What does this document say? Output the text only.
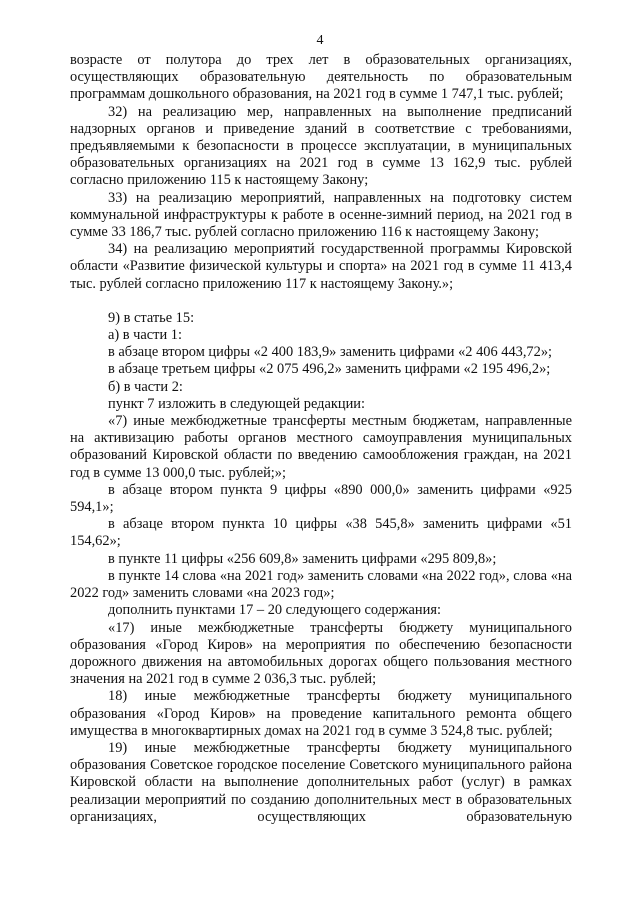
4

возрасте от полутора до трех лет в образовательных организациях, осуществляющих образовательную деятельность по образовательным программам дошкольного образования, на 2021 год в сумме 1 747,1 тыс. рублей;

32) на реализацию мер, направленных на выполнение предписаний надзорных органов и приведение зданий в соответствие с требованиями, предъявляемыми к безопасности в процессе эксплуатации, в муниципальных образовательных организациях на 2021 год в сумме 13 162,9 тыс. рублей согласно приложению 115 к настоящему Закону;

33) на реализацию мероприятий, направленных на подготовку систем коммунальной инфраструктуры к работе в осенне-зимний период, на 2021 год в сумме 33 186,7 тыс. рублей согласно приложению 116 к настоящему Закону;

34) на реализацию мероприятий государственной программы Кировской области «Развитие физической культуры и спорта» на 2021 год в сумме 11 413,4 тыс. рублей согласно приложению 117 к настоящему Закону.»;

9) в статье 15:

а) в части 1:

в абзаце втором цифры «2 400 183,9» заменить цифрами «2 406 443,72»;

в абзаце третьем цифры «2 075 496,2» заменить цифрами «2 195 496,2»;

б) в части 2:

пункт 7 изложить в следующей редакции:

«7) иные межбюджетные трансферты местным бюджетам, направленные на активизацию работы органов местного самоуправления муниципальных образований Кировской области по введению самообложения граждан, на 2021 год в сумме 13 000,0 тыс. рублей;»;

в абзаце втором пункта 9 цифры «890 000,0» заменить цифрами «925 594,1»;

в абзаце втором пункта 10 цифры «38 545,8» заменить цифрами «51 154,62»;

в пункте 11 цифры «256 609,8» заменить цифрами «295 809,8»;

в пункте 14 слова «на 2021 год» заменить словами «на 2022 год», слова «на 2022 год» заменить словами «на 2023 год»;

дополнить пунктами 17 – 20 следующего содержания:

«17) иные межбюджетные трансферты бюджету муниципального образования «Город Киров» на мероприятия по обеспечению безопасности дорожного движения на автомобильных дорогах общего пользования местного значения на 2021 год в сумме 2 036,3 тыс. рублей;

18) иные межбюджетные трансферты бюджету муниципального образования «Город Киров» на проведение капитального ремонта общего имущества в многоквартирных домах на 2021 год в сумме 3 524,8 тыс. рублей;

19) иные межбюджетные трансферты бюджету муниципального образования Советское городское поселение Советского муниципального района Кировской области на выполнение дополнительных работ (услуг) в рамках реализации мероприятий по созданию дополнительных мест в образовательных организациях, осуществляющих образовательную
